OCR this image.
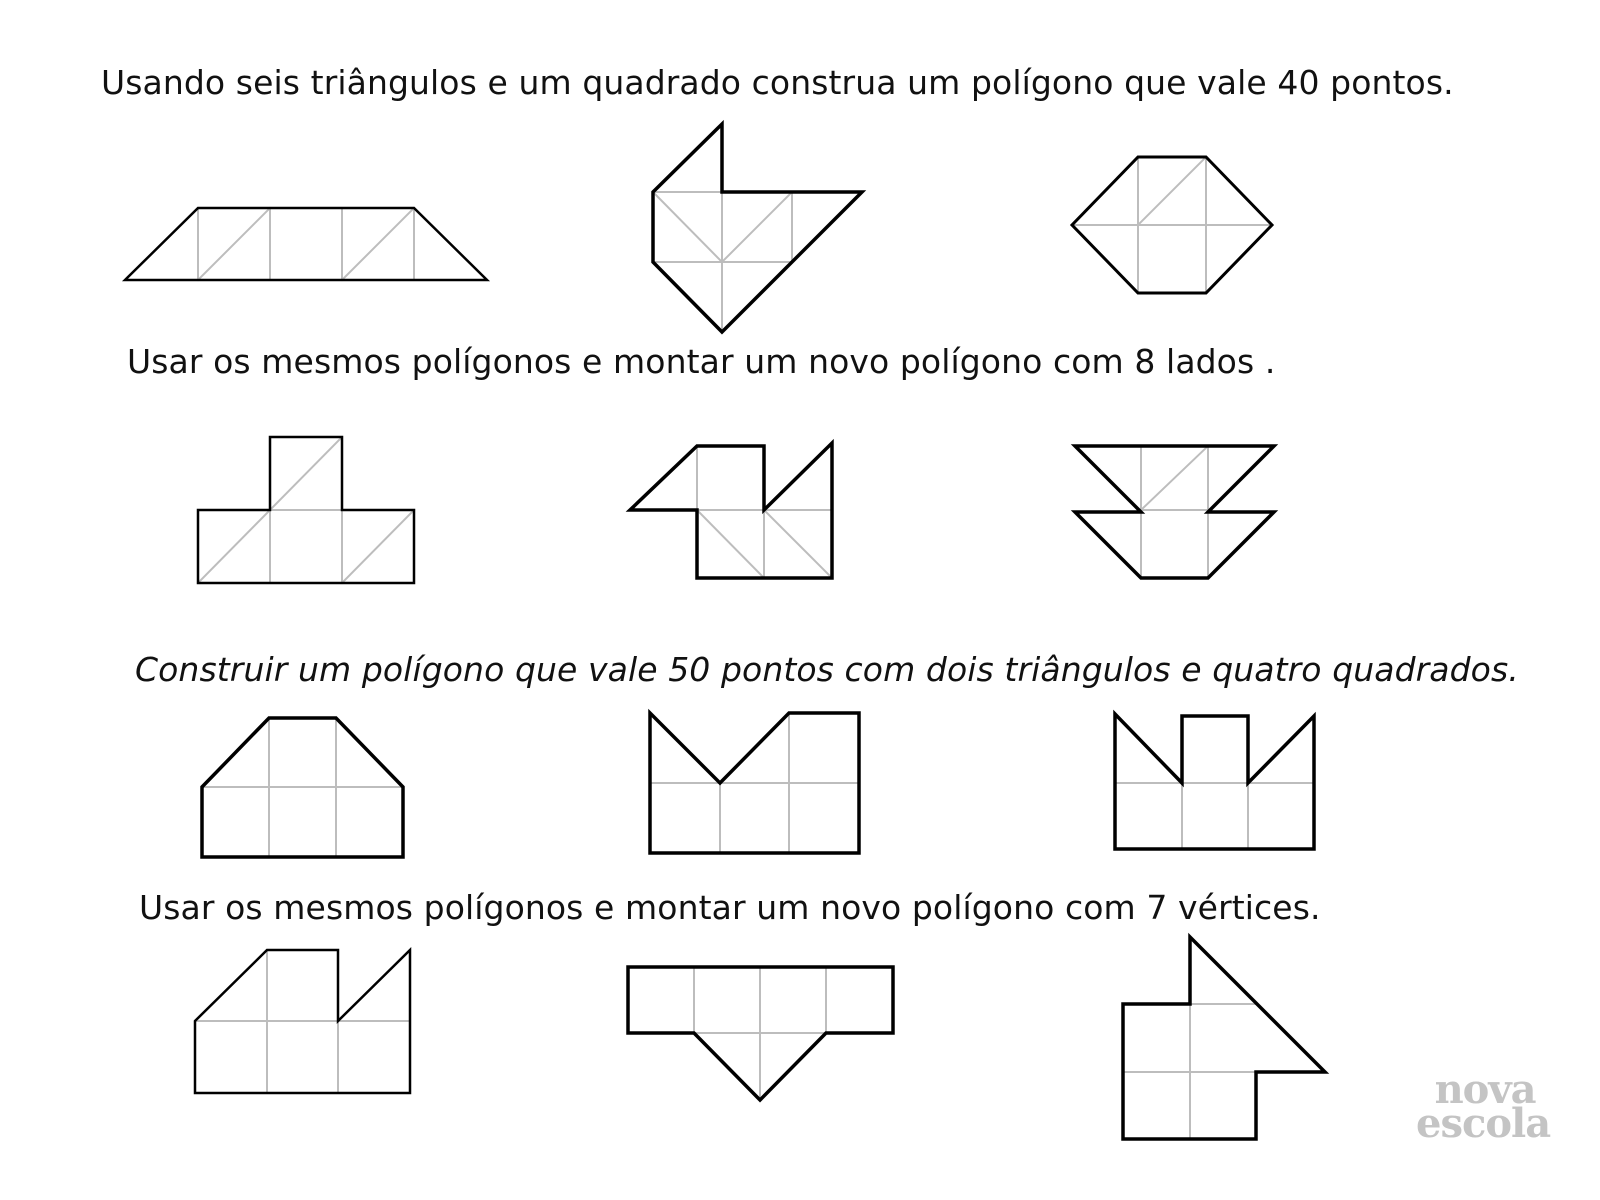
Usando seis triângulos e um quadrado construa um polígono que vale 40 pontos.
Usar os mesmos polígonos e montar um novo polígono com 8 lados .
Construir um polígono que vale 50 pontos com dois triângulos e quatro quadrados.
Usar os mesmos polígonos e montar um novo polígono com 7 vértices.
nova
escola
